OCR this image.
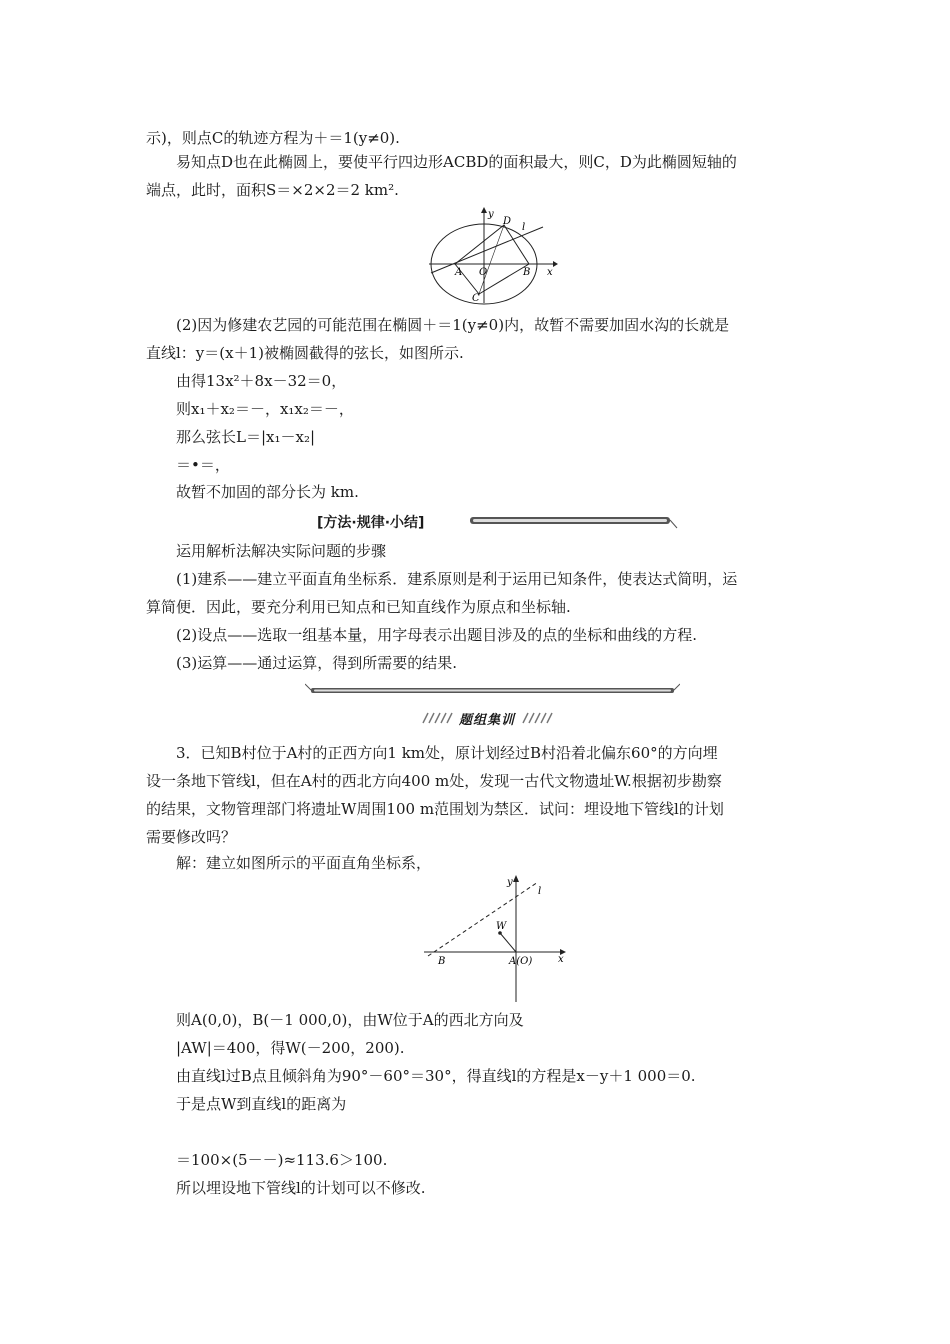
示)，则点C的轨迹方程为＋＝1(y≠0).
易知点D也在此椭圆上，要使平行四边形ACBD的面积最大，则C，D为此椭圆短轴的
端点，此时，面积S＝×2×2＝2 km².
y
D
l
A O	B
C
x
(2)因为修建农艺园的可能范围在椭圆＋＝1(y≠0)内，故暂不需要加固水沟的长就是
直线l：y＝(x＋1)被椭圆截得的弦长，如图所示.
由得13x²＋8x－32＝0，
则x₁＋x₂＝－，x₁x₂＝－，
那么弦长L＝|x₁－x₂|
＝•＝，
故暂不加固的部分长为 km.
[方法·规律·小结]
运用解析法解决实际问题的步骤
(1)建系——建立平面直角坐标系．建系原则是利于运用已知条件，使表达式简明，运
算简便．因此，要充分利用已知点和已知直线作为原点和坐标轴.
(2)设点——选取一组基本量，用字母表示出题目涉及的点的坐标和曲线的方程.
(3)运算——通过运算，得到所需要的结果.
题组集训
3．已知B村位于A村的正西方向1 km处，原计划经过B村沿着北偏东60°的方向埋
设一条地下管线l，但在A村的西北方向400 m处，发现一古代文物遗址W.根据初步勘察
的结果，文物管理部门将遗址W周围100 m范围划为禁区．试问：埋设地下管线l的计划
需要修改吗？
解：建立如图所示的平面直角坐标系，
y
l
W
B	A(O)	x
则A(0,0)，B(－1 000,0)，由W位于A的西北方向及
|AW|＝400，得W(－200，200).
由直线l过B点且倾斜角为90°－60°＝30°，得直线l的方程是x－y＋1 000＝0.
于是点W到直线l的距离为
＝100×(5－－)≈113.6＞100.
所以埋设地下管线l的计划可以不修改.
